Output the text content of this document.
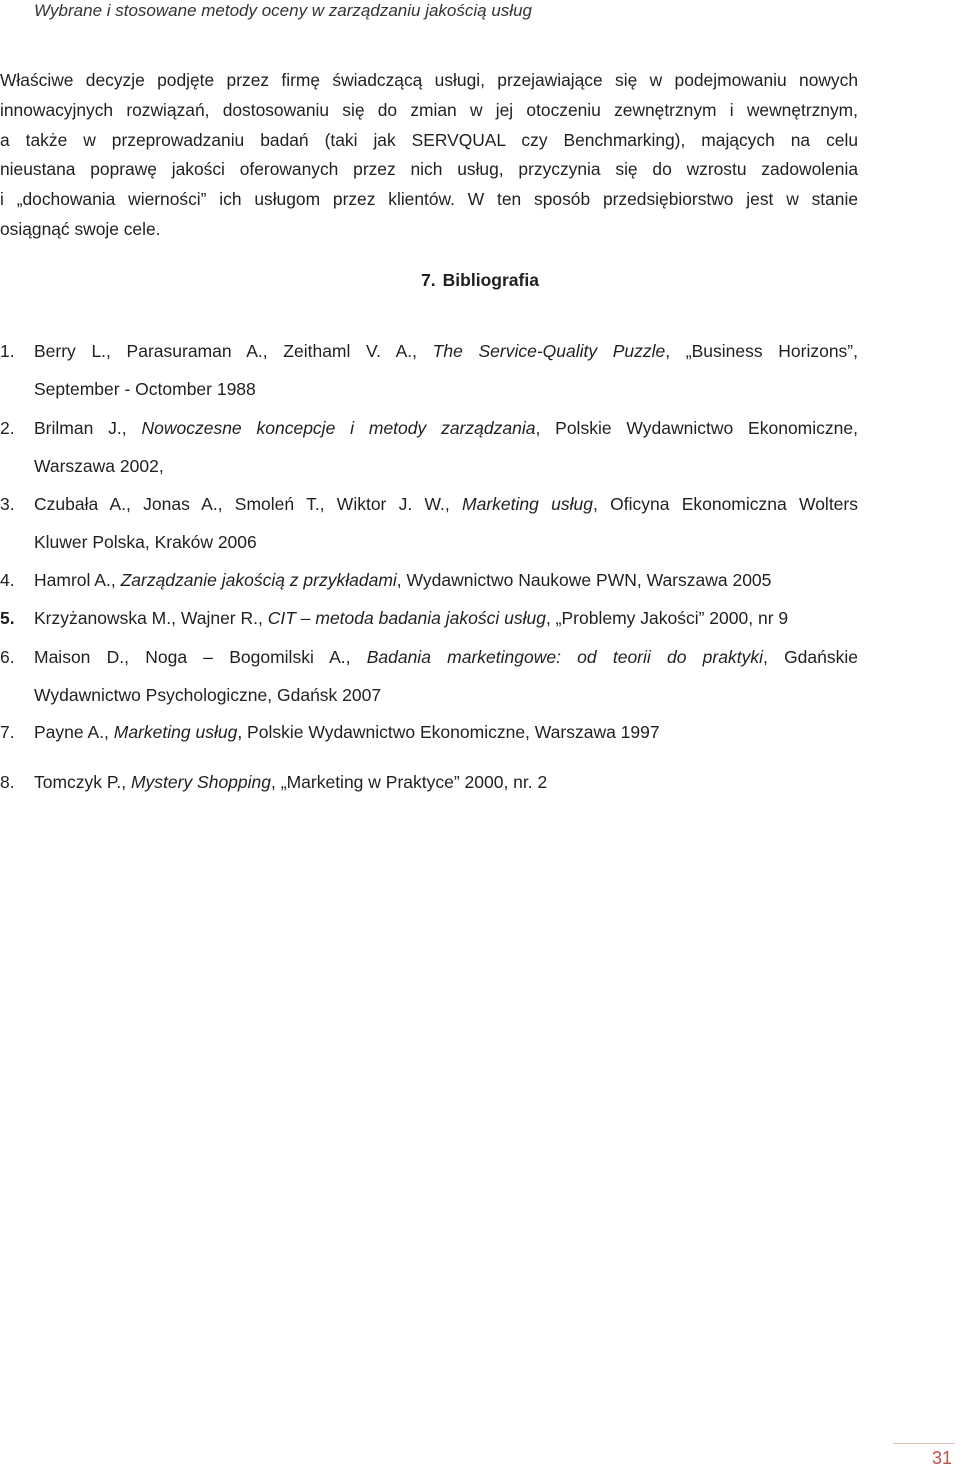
Wybrane i stosowane metody oceny w zarządzaniu jakością usług
Właściwe decyzje podjęte przez firmę świadczącą usługi, przejawiające się w podejmowaniu nowych
innowacyjnych rozwiązań, dostosowaniu się do zmian w jej otoczeniu zewnętrznym i wewnętrznym,
a także w przeprowadzaniu badań (taki jak SERVQUAL czy Benchmarking), mających na celu
nieustana poprawę jakości oferowanych przez nich usług, przyczynia się do wzrostu zadowolenia
i „dochowania wierności” ich usługom przez klientów. W ten sposób przedsiębiorstwo jest w stanie
osiągnąć swoje cele.
7. Bibliografia
1. Berry L., Parasuraman A., Zeithaml V. A., The Service-Quality Puzzle, „Business Horizons”,
September - Octomber 1988
2. Brilman J., Nowoczesne koncepcje i metody zarządzania, Polskie Wydawnictwo Ekonomiczne,
Warszawa 2002,
3. Czubała A., Jonas A., Smoleń T., Wiktor J. W., Marketing usług, Oficyna Ekonomiczna Wolters
Kluwer Polska, Kraków 2006
4. Hamrol A., Zarządzanie jakością z przykładami, Wydawnictwo Naukowe PWN, Warszawa 2005
5. Krzyżanowska M., Wajner R., CIT – metoda badania jakości usług, „Problemy Jakości” 2000, nr 9
6. Maison D., Noga – Bogomilski A., Badania marketingowe: od teorii do praktyki, Gdańskie
Wydawnictwo Psychologiczne, Gdańsk 2007
7. Payne A., Marketing usług, Polskie Wydawnictwo Ekonomiczne, Warszawa 1997
8. Tomczyk P., Mystery Shopping, „Marketing w Praktyce” 2000, nr. 2
31
